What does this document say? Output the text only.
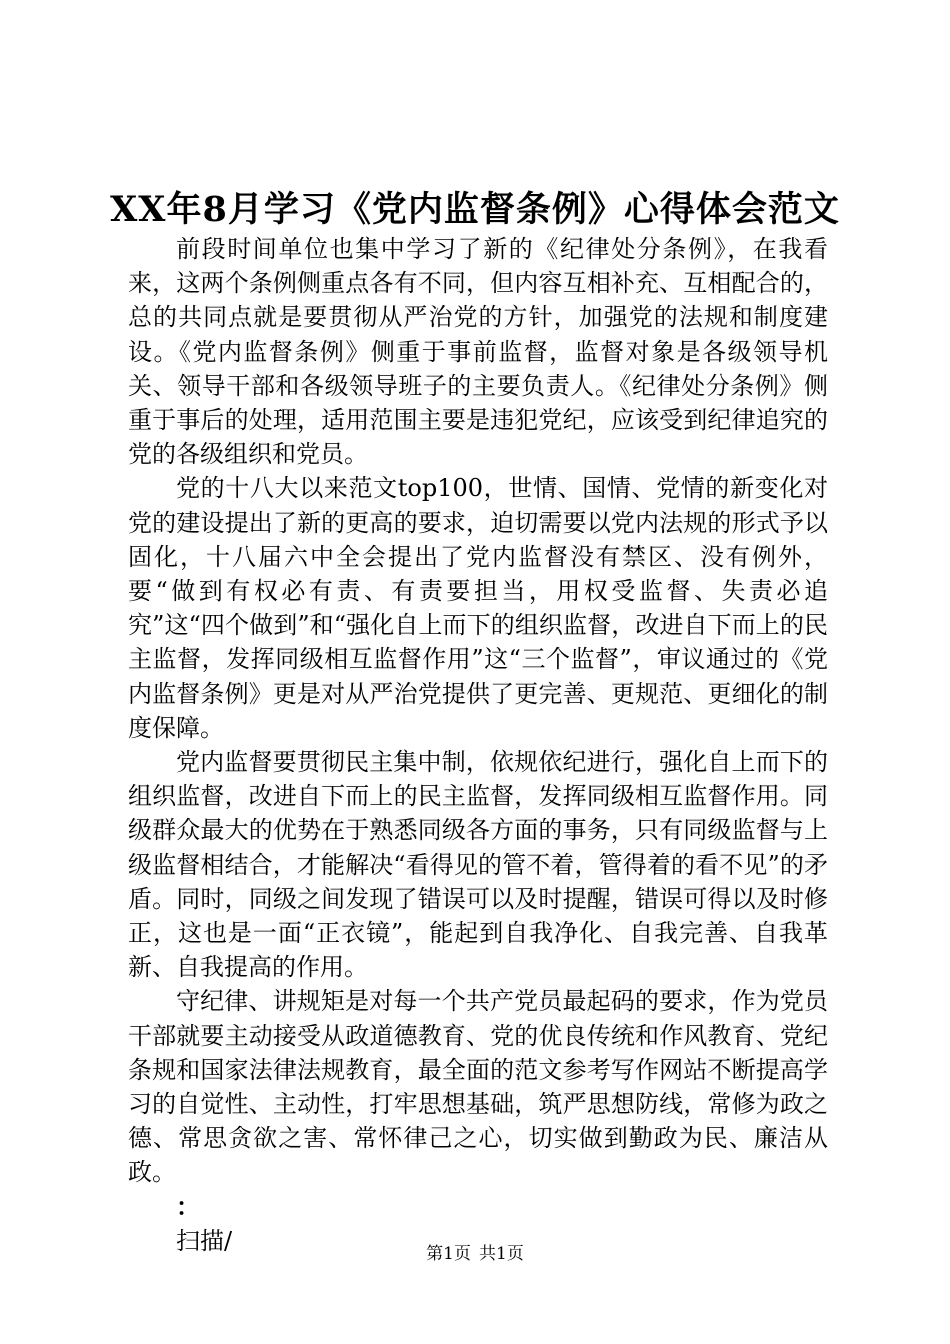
XX年8月学习《党内监督条例》心得体会范文

前段时间单位也集中学习了新的《纪律处分条例》，在我看来，这两个条例侧重点各有不同，但内容互相补充、互相配合的，总的共同点就是要贯彻从严治党的方针，加强党的法规和制度建设。《党内监督条例》侧重于事前监督，监督对象是各级领导机关、领导干部和各级领导班子的主要负责人。《纪律处分条例》侧重于事后的处理，适用范围主要是违犯党纪，应该受到纪律追究的党的各级组织和党员。

党的十八大以来范文top100，世情、国情、党情的新变化对党的建设提出了新的更高的要求，迫切需要以党内法规的形式予以固化，十八届六中全会提出了党内监督没有禁区、没有例外，要“做到有权必有责、有责要担当，用权受监督、失责必追究”这“四个做到”和“强化自上而下的组织监督，改进自下而上的民主监督，发挥同级相互监督作用”这“三个监督”，审议通过的《党内监督条例》更是对从严治党提供了更完善、更规范、更细化的制度保障。

党内监督要贯彻民主集中制，依规依纪进行，强化自上而下的组织监督，改进自下而上的民主监督，发挥同级相互监督作用。同级群众最大的优势在于熟悉同级各方面的事务，只有同级监督与上级监督相结合，才能解决“看得见的管不着，管得着的看不见”的矛盾。同时，同级之间发现了错误可以及时提醒，错误可得以及时修正，这也是一面“正衣镜”，能起到自我净化、自我完善、自我革新、自我提高的作用。

守纪律、讲规矩是对每一个共产党员最起码的要求，作为党员干部就要主动接受从政道德教育、党的优良传统和作风教育、党纪条规和国家法律法规教育，最全面的范文参考写作网站不断提高学习的自觉性、主动性，打牢思想基础，筑严思想防线，常修为政之德、常思贪欲之害、常怀律己之心，切实做到勤政为民、廉洁从政。

：

扫描/	第1页 共1页
